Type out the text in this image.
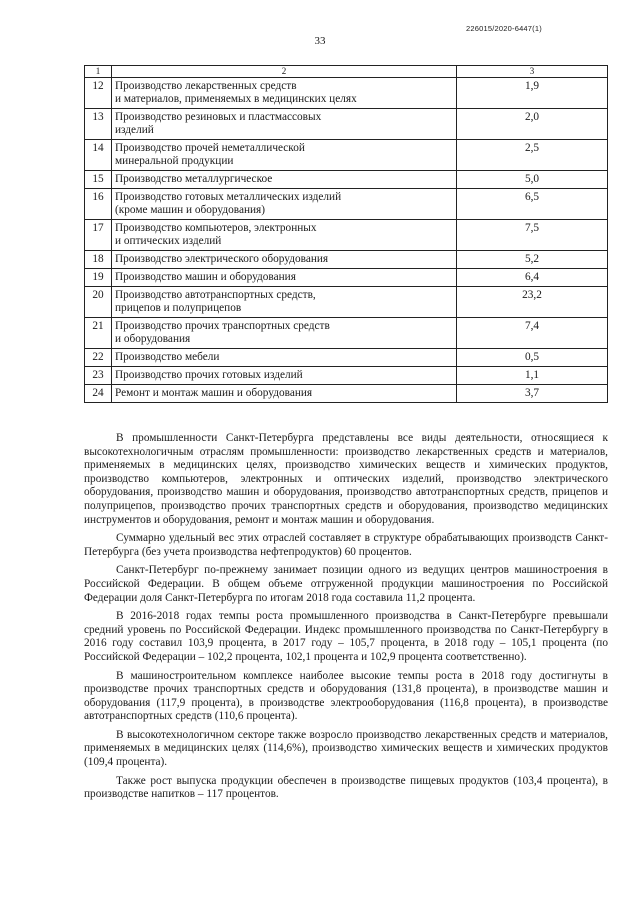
226015/2020-6447(1)
33
1	2	3
12	Производство лекарственных средств
и материалов, применяемых в медицинских целях	1,9
13	Производство резиновых и пластмассовых
изделий	2,0
14	Производство прочей неметаллической
минеральной продукции	2,5
15	Производство металлургическое	5,0
16	Производство готовых металлических изделий
(кроме машин и оборудования)	6,5
17	Производство компьютеров, электронных
и оптических изделий	7,5
18	Производство электрического оборудования	5,2
19	Производство машин и оборудования	6,4
20	Производство автотранспортных средств,
прицепов и полуприцепов	23,2
21	Производство прочих транспортных средств
и оборудования	7,4
22	Производство мебели	0,5
23	Производство прочих готовых изделий	1,1
24	Ремонт и монтаж машин и оборудования	3,7

В промышленности Санкт-Петербурга представлены все виды деятельности, относящиеся к высокотехнологичным отраслям промышленности: производство лекарственных средств и материалов, применяемых в медицинских целях, производство химических веществ и химических продуктов, производство компьютеров, электронных и оптических изделий, производство электрического оборудования, производство машин и оборудования, производство автотранспортных средств, прицепов и полуприцепов, производство прочих транспортных средств и оборудования, производство медицинских инструментов и оборудования, ремонт и монтаж машин и оборудования.

Суммарно удельный вес этих отраслей составляет в структуре обрабатывающих производств Санкт-Петербурга (без учета производства нефтепродуктов) 60 процентов.

Санкт-Петербург по-прежнему занимает позиции одного из ведущих центров машиностроения в Российской Федерации. В общем объеме отгруженной продукции машиностроения по Российской Федерации доля Санкт-Петербурга по итогам 2018 года составила 11,2 процента.

В 2016-2018 годах темпы роста промышленного производства в Санкт-Петербурге превышали средний уровень по Российской Федерации. Индекс промышленного производства по Санкт-Петербургу в 2016 году составил 103,9 процента, в 2017 году – 105,7 процента, в 2018 году – 105,1 процента (по Российской Федерации – 102,2 процента, 102,1 процента и 102,9 процента соответственно).

В машиностроительном комплексе наиболее высокие темпы роста в 2018 году достигнуты в производстве прочих транспортных средств и оборудования (131,8 процента), в производстве машин и оборудования (117,9 процента), в производстве электрооборудования (116,8 процента), в производстве автотранспортных средств (110,6 процента).

В высокотехнологичном секторе также возросло производство лекарственных средств и материалов, применяемых в медицинских целях (114,6%), производство химических веществ и химических продуктов (109,4 процента).

Также рост выпуска продукции обеспечен в производстве пищевых продуктов (103,4 процента), в производстве напитков – 117 процентов.
